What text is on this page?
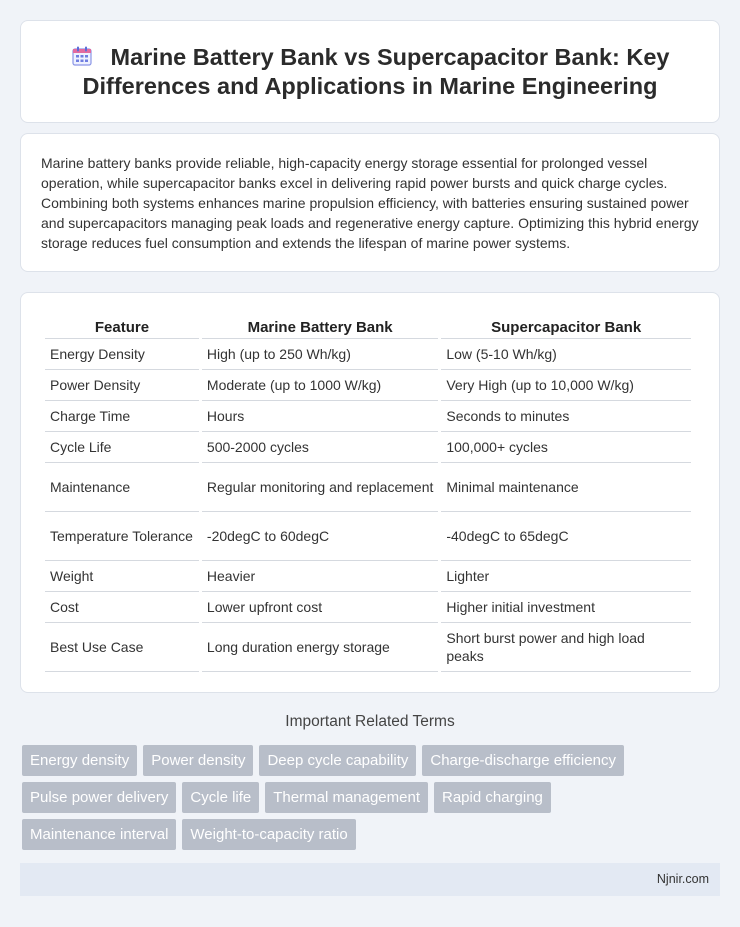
Marine Battery Bank vs Supercapacitor Bank: Key Differences and Applications in Marine Engineering

Marine battery banks provide reliable, high-capacity energy storage essential for prolonged vessel operation, while supercapacitor banks excel in delivering rapid power bursts and quick charge cycles. Combining both systems enhances marine propulsion efficiency, with batteries ensuring sustained power and supercapacitors managing peak loads and regenerative energy capture. Optimizing this hybrid energy storage reduces fuel consumption and extends the lifespan of marine power systems.

Feature	Marine Battery Bank	Supercapacitor Bank
Energy Density	High (up to 250 Wh/kg)	Low (5-10 Wh/kg)
Power Density	Moderate (up to 1000 W/kg)	Very High (up to 10,000 W/kg)
Charge Time	Hours	Seconds to minutes
Cycle Life	500-2000 cycles	100,000+ cycles
Maintenance	Regular monitoring and replacement	Minimal maintenance
Temperature Tolerance	-20degC to 60degC	-40degC to 65degC
Weight	Heavier	Lighter
Cost	Lower upfront cost	Higher initial investment
Best Use Case	Long duration energy storage	Short burst power and high load peaks
Important Related Terms
Energy density	Power density	Deep cycle capability	Charge-discharge efficiency
Pulse power delivery	Cycle life	Thermal management	Rapid charging
Maintenance interval	Weight-to-capacity ratio
Njnir.com
